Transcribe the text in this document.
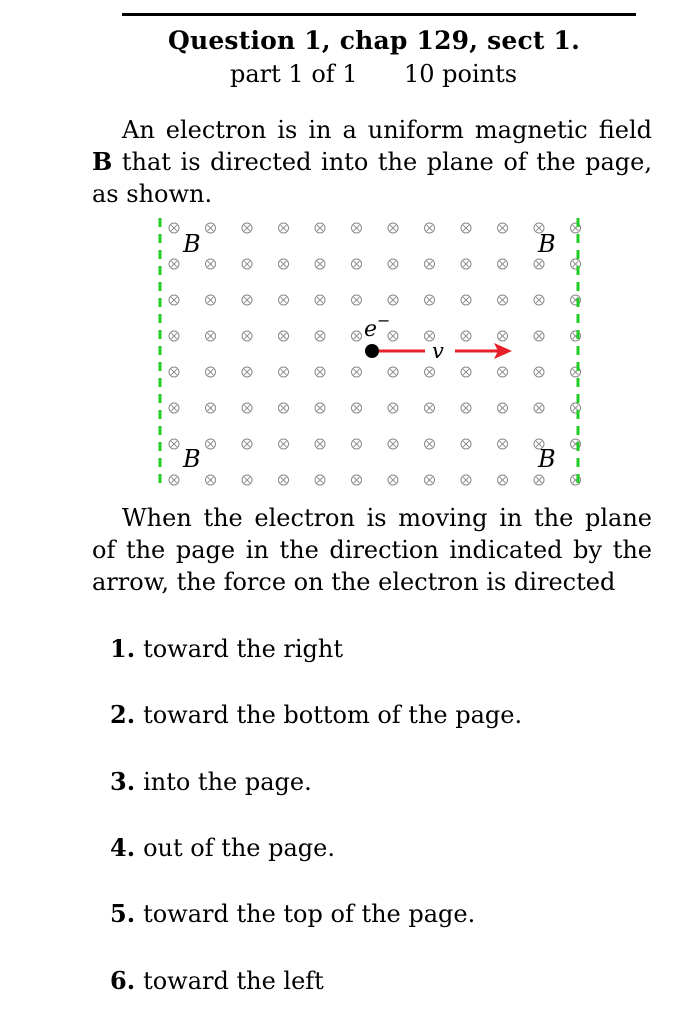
Question 1, chap 129, sect 1.
part 1 of 1 10 points
An electron is in a uniform magnetic field B that is directed into the plane of the page, as shown.
B	B
B	B
e−
v
When the electron is moving in the plane of the page in the direction indicated by the arrow, the force on the electron is directed
1. toward the right
2. toward the bottom of the page.
3. into the page.
4. out of the page.
5. toward the top of the page.
6. toward the left
